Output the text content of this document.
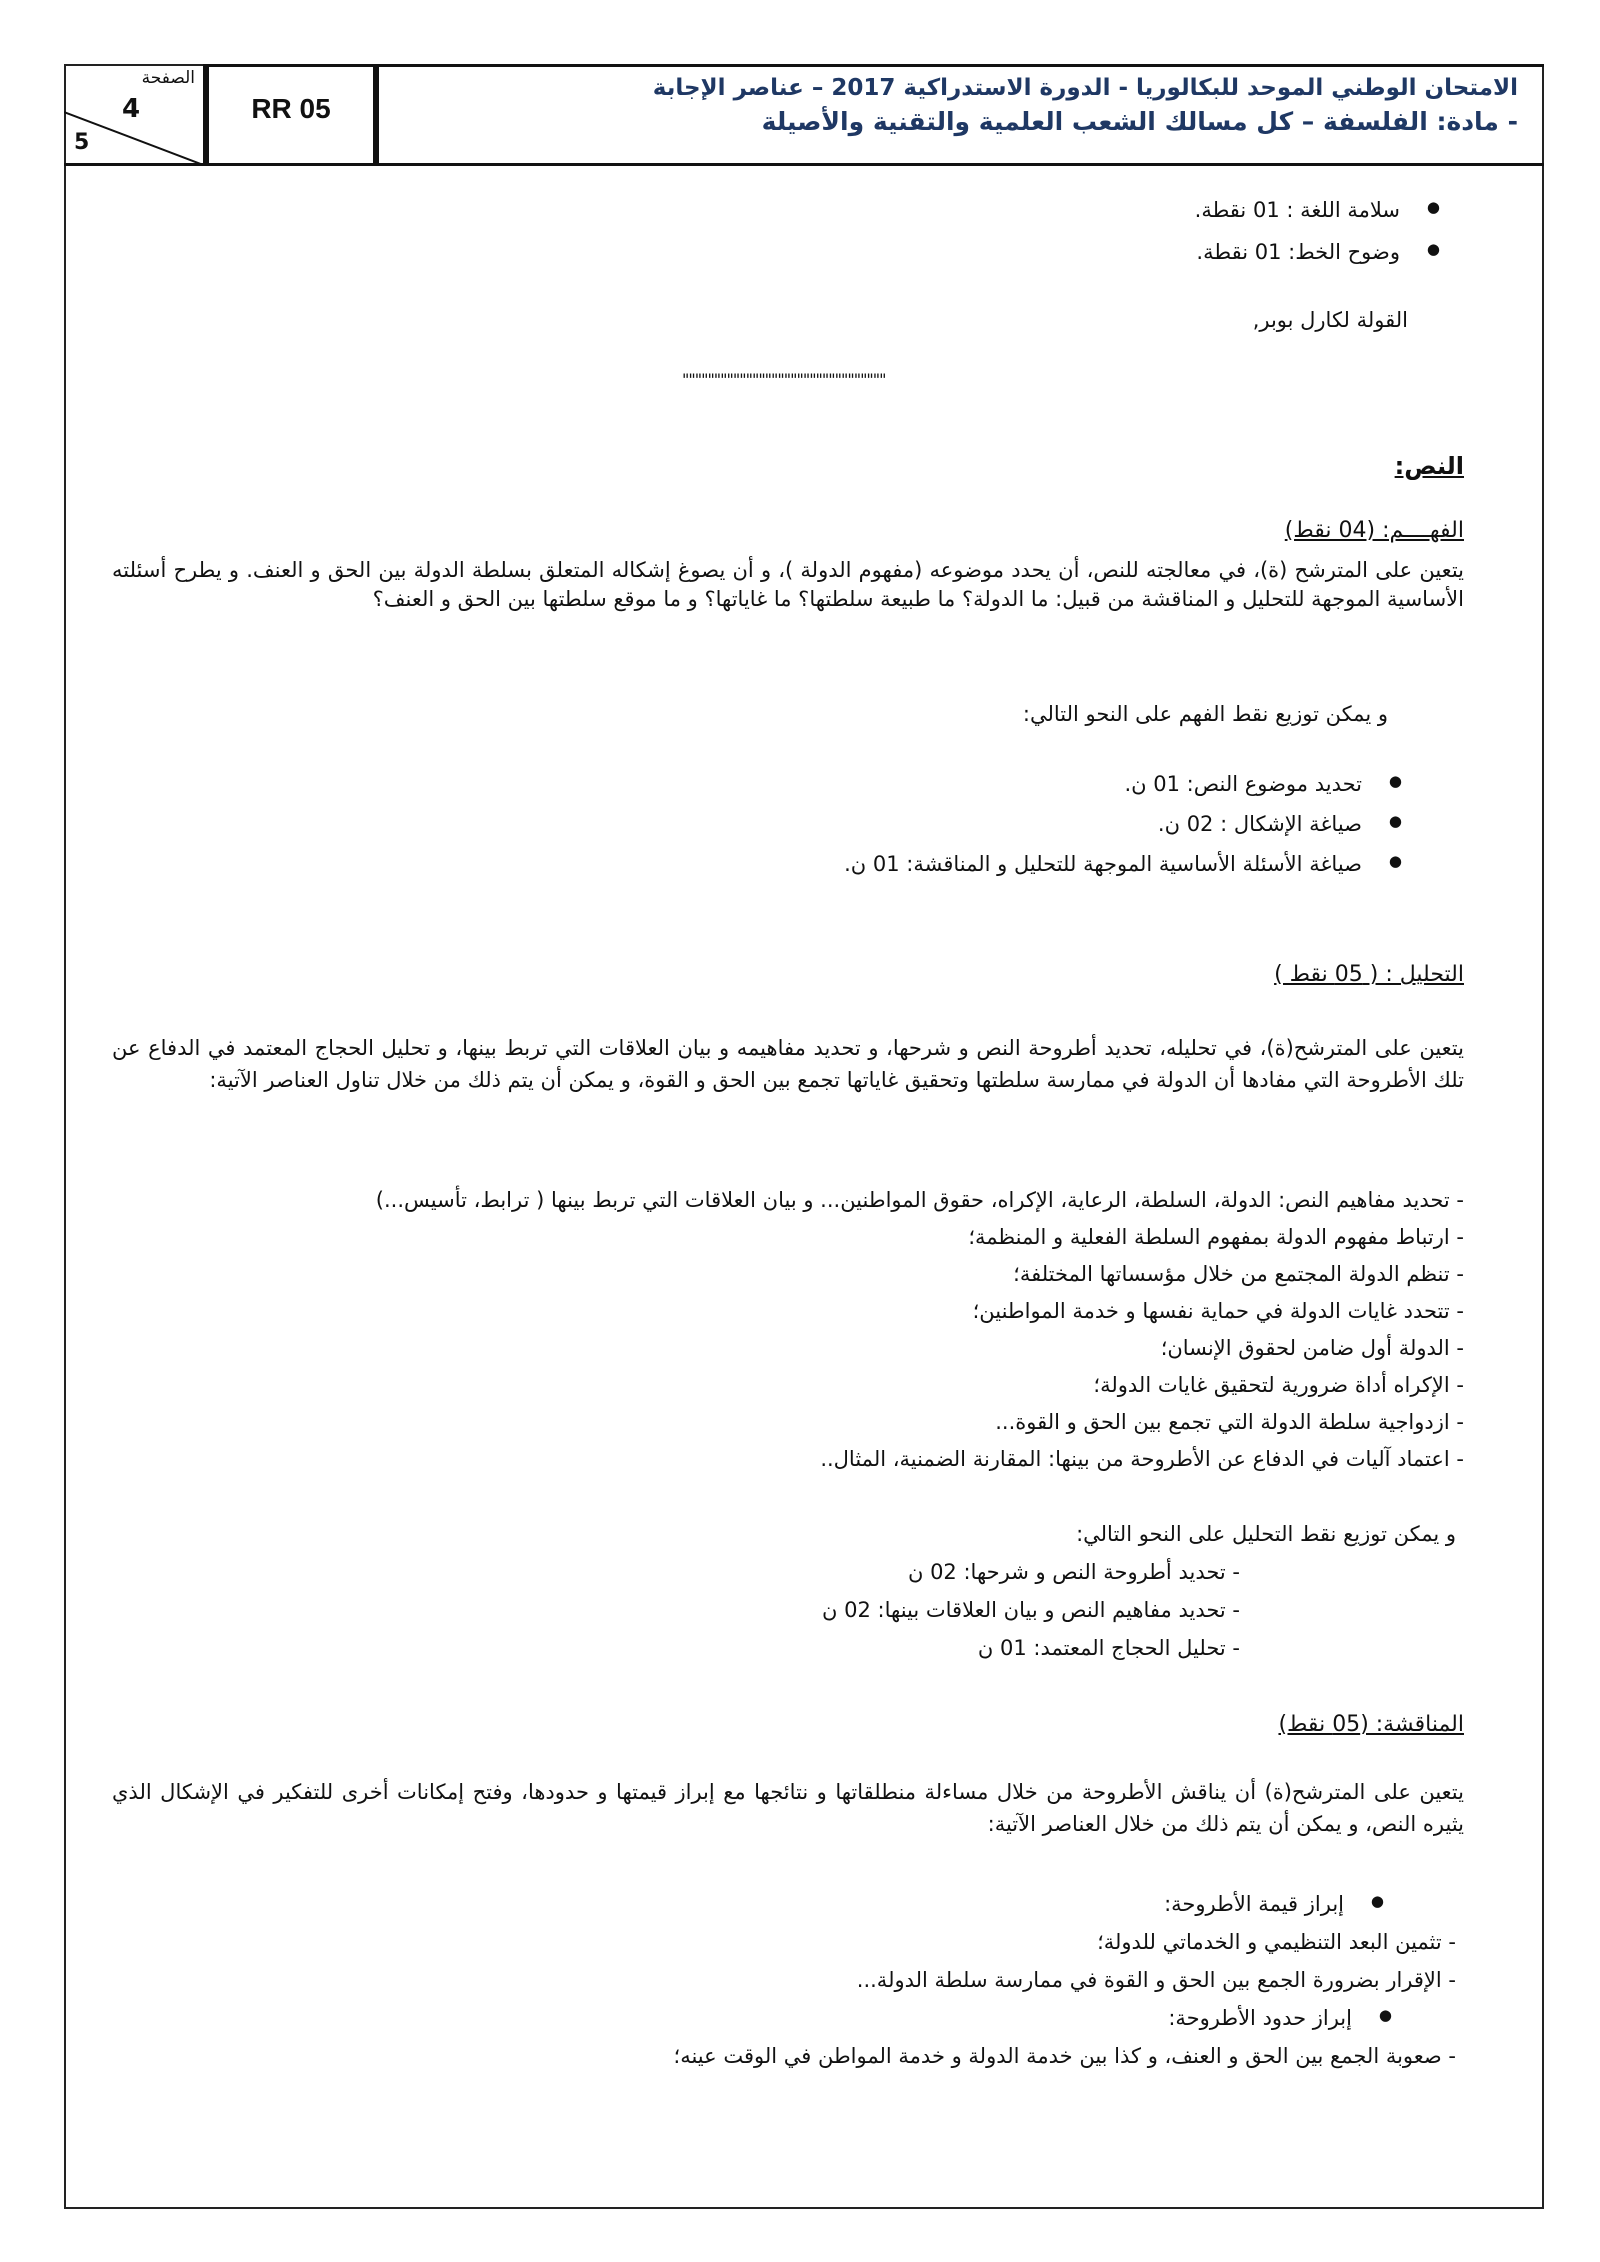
الصفحة
4
5
RR 05
الامتحان الوطني الموحد للبكالوريا - الدورة الاستدراكية 2017 – عناصر الإجابة
- مادة: الفلسفة – كل مسالك الشعب العلمية والتقنية والأصيلة
● سلامة اللغة : 01 نقطة.
● وضوح الخط: 01 نقطة.
القولة لكارل بوبر,
""""""""""""""""""""""""""""""""
النص:
الفهــــم: (04 نقط)
يتعين على المترشح (ة)، في معالجته للنص، أن يحدد موضوعه (مفهوم الدولة )، و أن يصوغ إشكاله المتعلق بسلطة الدولة بين الحق و العنف. و يطرح أسئلته الأساسية الموجهة للتحليل و المناقشة من قبيل: ما الدولة؟ ما طبيعة سلطتها؟ ما غاياتها؟ و ما موقع سلطتها بين الحق و العنف؟
و يمكن توزيع نقط الفهم على النحو التالي:
● تحديد موضوع النص: 01 ن.
● صياغة الإشكال : 02 ن.
● صياغة الأسئلة الأساسية الموجهة للتحليل و المناقشة: 01 ن.
التحليل : ( 05 نقط )
يتعين على المترشح(ة)، في تحليله، تحديد أطروحة النص و شرحها، و تحديد مفاهيمه و بيان العلاقات التي تربط بينها، و تحليل الحجاج المعتمد في الدفاع عن تلك الأطروحة التي مفادها أن الدولة في ممارسة سلطتها وتحقيق غاياتها تجمع بين الحق و القوة، و يمكن أن يتم ذلك من خلال تناول العناصر الآتية:
- تحديد مفاهيم النص: الدولة، السلطة، الرعاية، الإكراه، حقوق المواطنين... و بيان العلاقات التي تربط بينها ( ترابط، تأسيس...)
- ارتباط مفهوم الدولة بمفهوم السلطة الفعلية و المنظمة؛
- تنظم الدولة المجتمع من خلال مؤسساتها المختلفة؛
- تتحدد غايات الدولة في حماية نفسها و خدمة المواطنين؛
- الدولة أول ضامن لحقوق الإنسان؛
- الإكراه أداة ضرورية لتحقيق غايات الدولة؛
- ازدواجية سلطة الدولة التي تجمع بين الحق و القوة...
- اعتماد آليات في الدفاع عن الأطروحة من بينها: المقارنة الضمنية، المثال..
و يمكن توزيع نقط التحليل على النحو التالي:
- تحديد أطروحة النص و شرحها: 02 ن
- تحديد مفاهيم النص و بيان العلاقات بينها: 02 ن
- تحليل الحجاج المعتمد: 01 ن
المناقشة: (05 نقط)
يتعين على المترشح(ة) أن يناقش الأطروحة من خلال مساءلة منطلقاتها و نتائجها مع إبراز قيمتها و حدودها، وفتح إمكانات أخرى للتفكير في الإشكال الذي يثيره النص، و يمكن أن يتم ذلك من خلال العناصر الآتية:
● إبراز قيمة الأطروحة:
- تثمين البعد التنظيمي و الخدماتي للدولة؛
- الإقرار بضرورة الجمع بين الحق و القوة في ممارسة سلطة الدولة...
● إبراز حدود الأطروحة:
- صعوبة الجمع بين الحق و العنف، و كذا بين خدمة الدولة و خدمة المواطن في الوقت عينه؛
